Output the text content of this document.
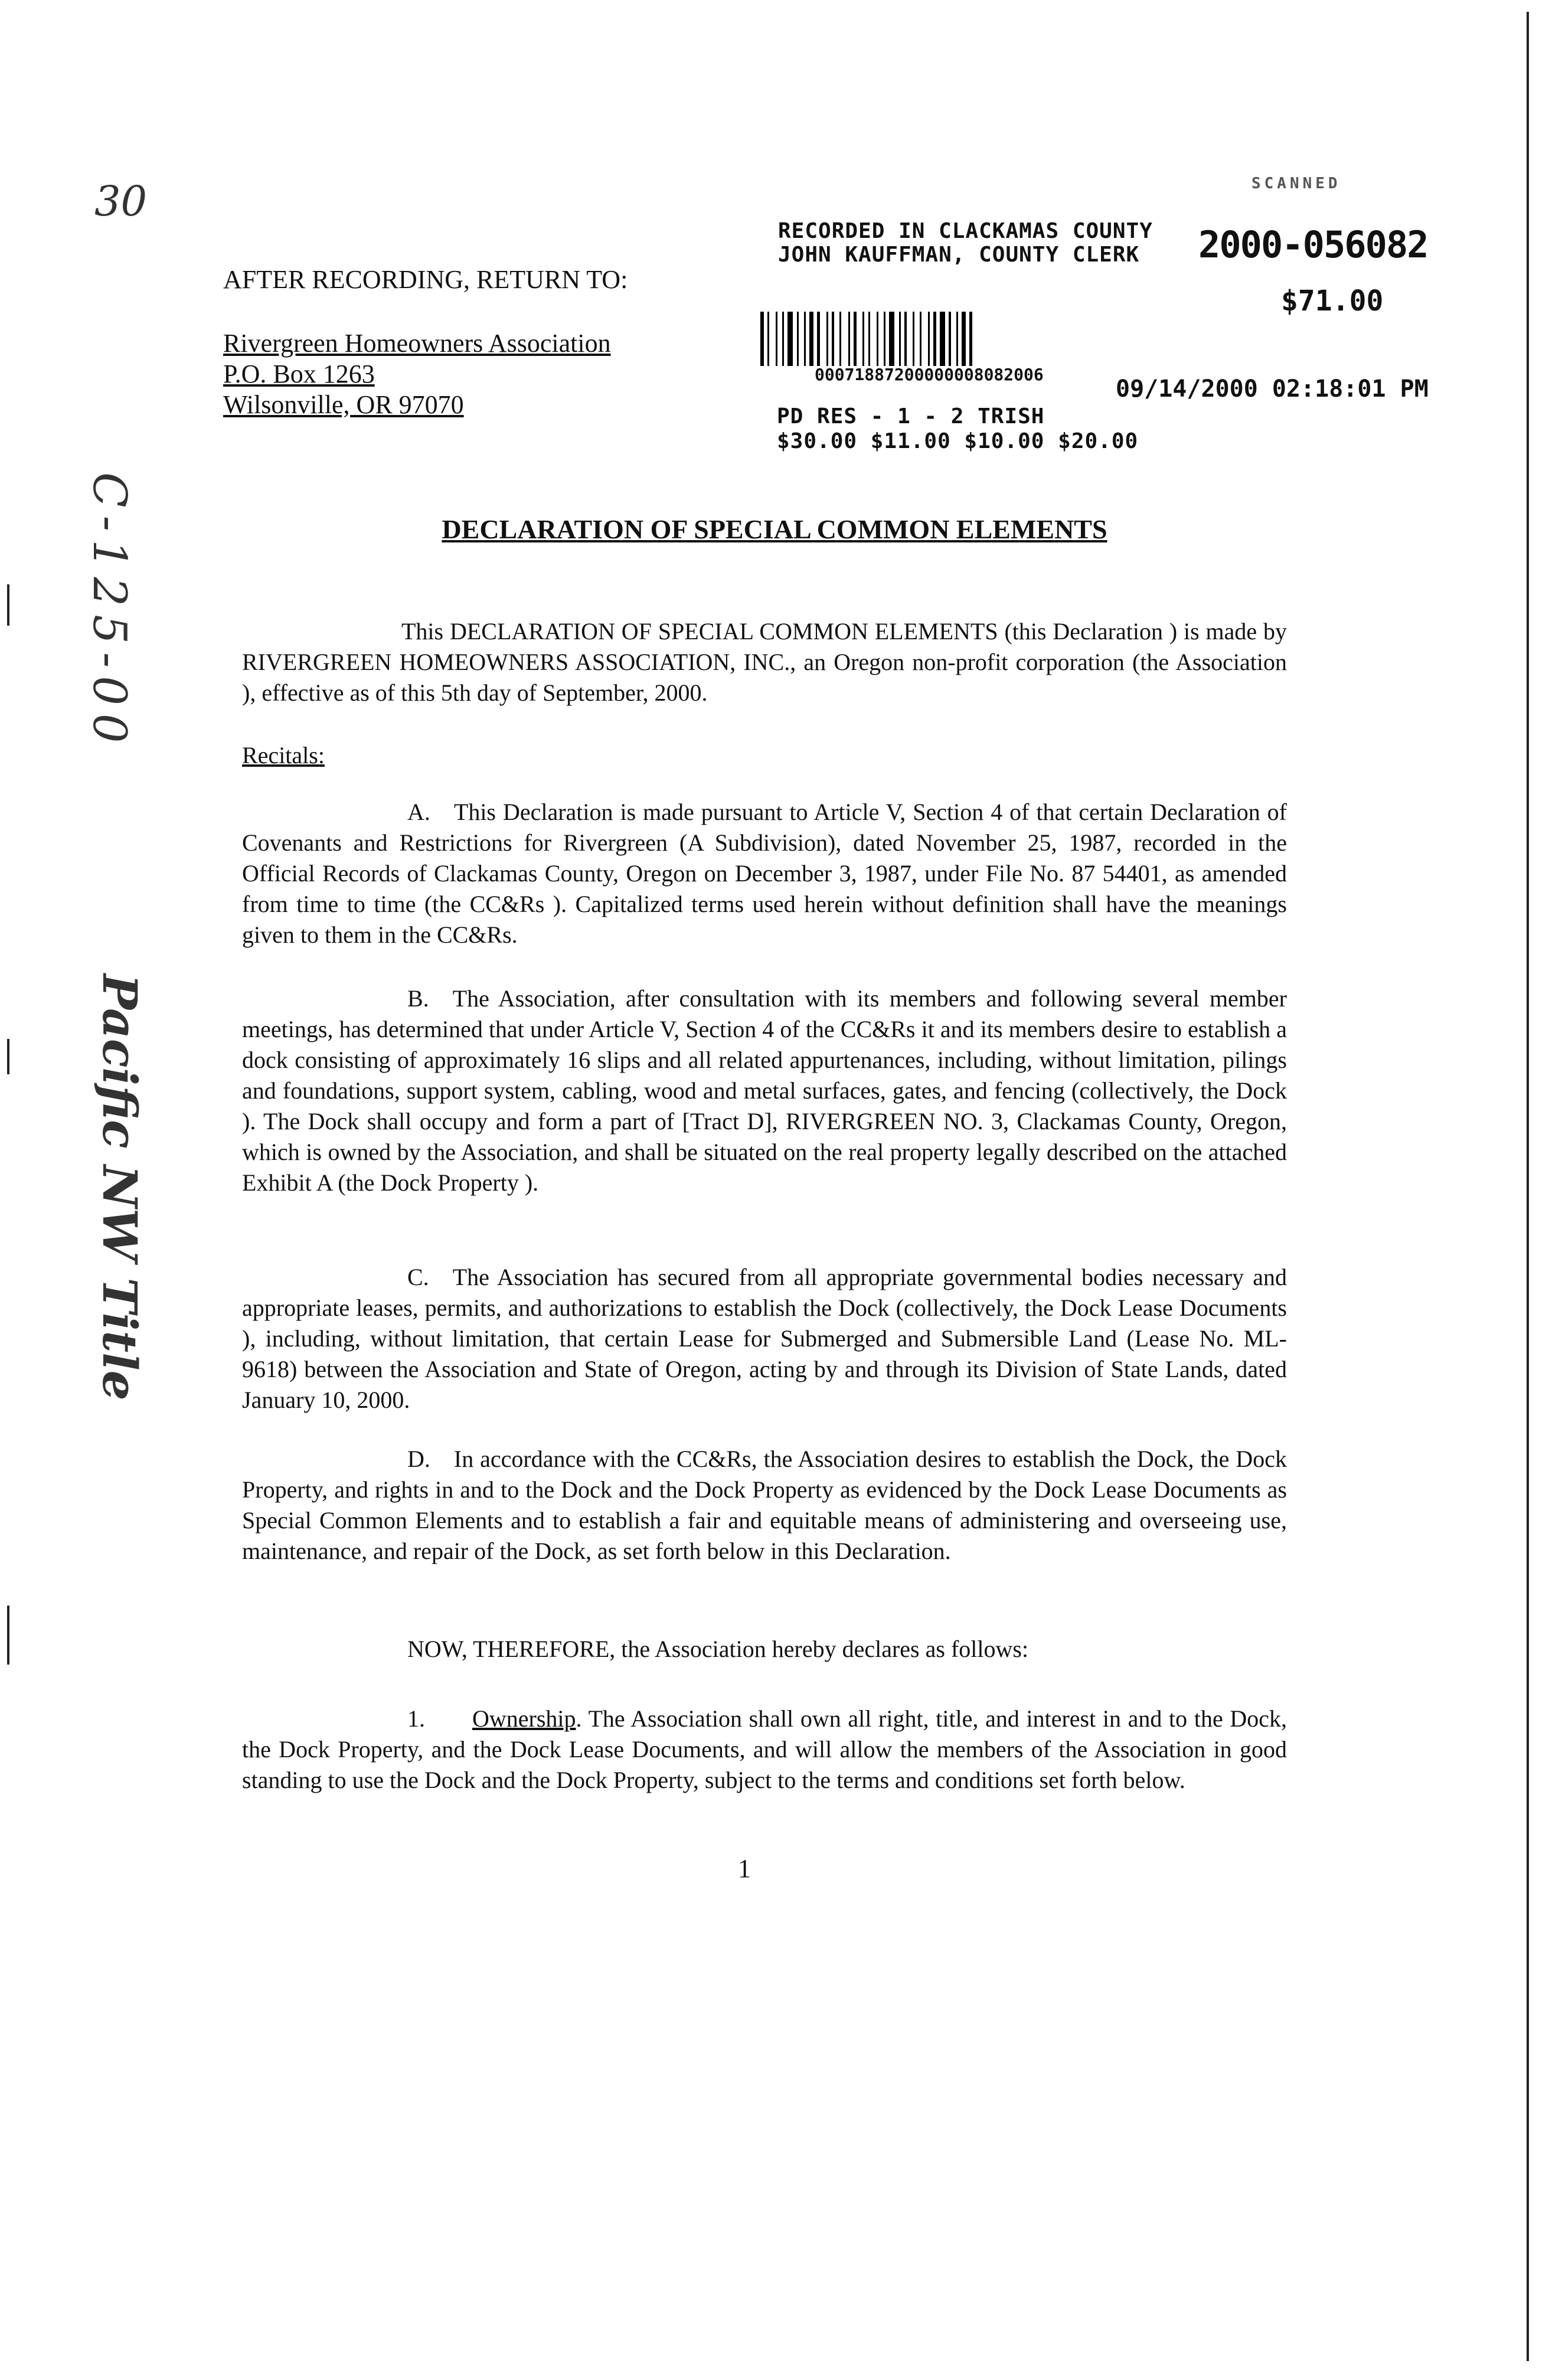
30
C-125-00
Pacific NW Title
AFTER RECORDING, RETURN TO:
Rivergreen Homeowners Association
P.O. Box 1263
Wilsonville, OR 97070
RECORDED IN CLACKAMAS COUNTY
JOHN KAUFFMAN, COUNTY CLERK 2000-056082
$71.00
SCANNED
00071887200000008082006
09/14/2000 02:18:01 PM
PD RES - 1 - 2 TRISH
$30.00 $11.00 $10.00 $20.00
DECLARATION OF SPECIAL COMMON ELEMENTS
This DECLARATION OF SPECIAL COMMON ELEMENTS (this Declaration ) is made by RIVERGREEN HOMEOWNERS ASSOCIATION, INC., an Oregon non-profit corporation (the Association ), effective as of this 5th day of September, 2000.
Recitals:
A. This Declaration is made pursuant to Article V, Section 4 of that certain Declaration of Covenants and Restrictions for Rivergreen (A Subdivision), dated November 25, 1987, recorded in the Official Records of Clackamas County, Oregon on December 3, 1987, under File No. 87 54401, as amended from time to time (the CC&Rs ). Capitalized terms used herein without definition shall have the meanings given to them in the CC&Rs.
B. The Association, after consultation with its members and following several member meetings, has determined that under Article V, Section 4 of the CC&Rs it and its members desire to establish a dock consisting of approximately 16 slips and all related appurtenances, including, without limitation, pilings and foundations, support system, cabling, wood and metal surfaces, gates, and fencing (collectively, the Dock ). The Dock shall occupy and form a part of [Tract D], RIVERGREEN NO. 3, Clackamas County, Oregon, which is owned by the Association, and shall be situated on the real property legally described on the attached Exhibit A (the Dock Property ).
C. The Association has secured from all appropriate governmental bodies necessary and appropriate leases, permits, and authorizations to establish the Dock (collectively, the Dock Lease Documents ), including, without limitation, that certain Lease for Submerged and Submersible Land (Lease No. ML-9618) between the Association and State of Oregon, acting by and through its Division of State Lands, dated January 10, 2000.
D. In accordance with the CC&Rs, the Association desires to establish the Dock, the Dock Property, and rights in and to the Dock and the Dock Property as evidenced by the Dock Lease Documents as Special Common Elements and to establish a fair and equitable means of administering and overseeing use, maintenance, and repair of the Dock, as set forth below in this Declaration.
NOW, THEREFORE, the Association hereby declares as follows:
1.   Ownership. The Association shall own all right, title, and interest in and to the Dock, the Dock Property, and the Dock Lease Documents, and will allow the members of the Association in good standing to use the Dock and the Dock Property, subject to the terms and conditions set forth below.
1
